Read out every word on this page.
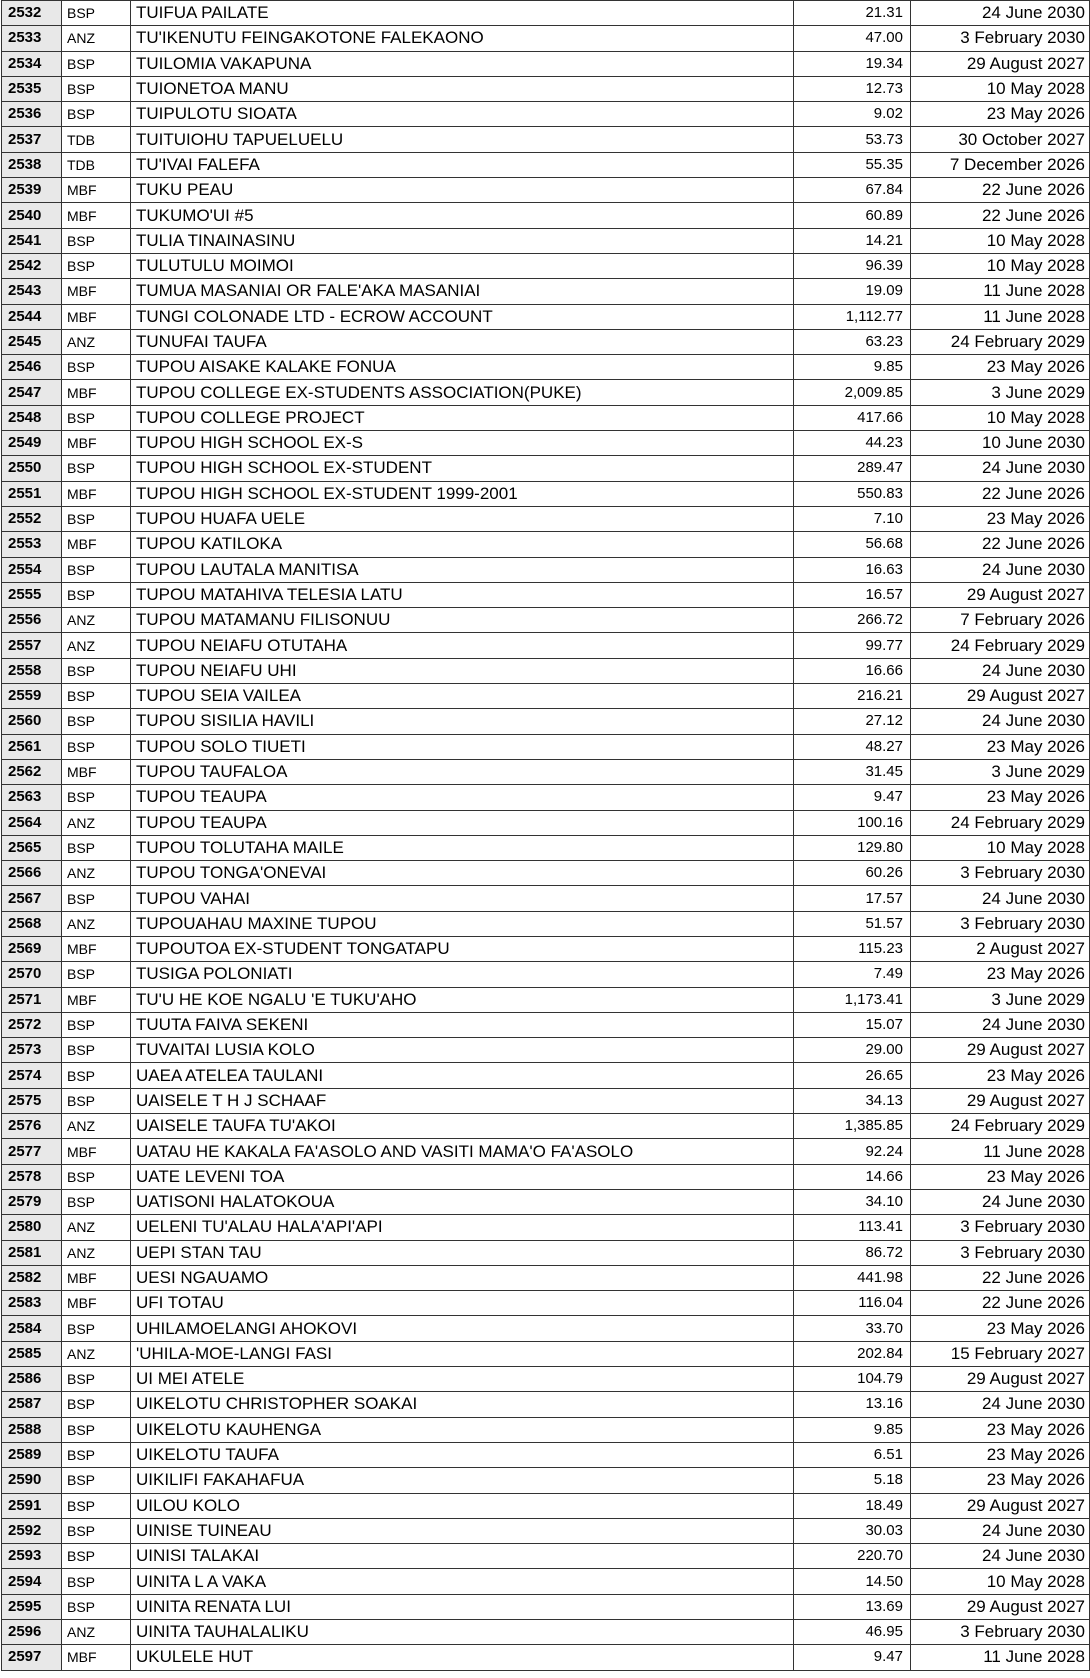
2532	BSP	TUIFUA PAILATE	21.31	24 June 2030
2533	ANZ	TU'IKENUTU FEINGAKOTONE FALEKAONO	47.00	3 February 2030
2534	BSP	TUILOMIA VAKAPUNA	19.34	29 August 2027
2535	BSP	TUIONETOA MANU	12.73	10 May 2028
2536	BSP	TUIPULOTU SIOATA	9.02	23 May 2026
2537	TDB	TUITUIOHU TAPUELUELU	53.73	30 October 2027
2538	TDB	TU'IVAI FALEFA	55.35	7 December 2026
2539	MBF	TUKU PEAU	67.84	22 June 2026
2540	MBF	TUKUMO'UI #5	60.89	22 June 2026
2541	BSP	TULIA TINAINASINU	14.21	10 May 2028
2542	BSP	TULUTULU MOIMOI	96.39	10 May 2028
2543	MBF	TUMUA MASANIAI OR FALE'AKA MASANIAI	19.09	11 June 2028
2544	MBF	TUNGI COLONADE LTD - ECROW ACCOUNT	1,112.77	11 June 2028
2545	ANZ	TUNUFAI TAUFA	63.23	24 February 2029
2546	BSP	TUPOU AISAKE KALAKE FONUA	9.85	23 May 2026
2547	MBF	TUPOU COLLEGE EX-STUDENTS ASSOCIATION(PUKE)	2,009.85	3 June 2029
2548	BSP	TUPOU COLLEGE PROJECT	417.66	10 May 2028
2549	MBF	TUPOU HIGH SCHOOL EX-S	44.23	10 June 2030
2550	BSP	TUPOU HIGH SCHOOL EX-STUDENT	289.47	24 June 2030
2551	MBF	TUPOU HIGH SCHOOL EX-STUDENT 1999-2001	550.83	22 June 2026
2552	BSP	TUPOU HUAFA UELE	7.10	23 May 2026
2553	MBF	TUPOU KATILOKA	56.68	22 June 2026
2554	BSP	TUPOU LAUTALA MANITISA	16.63	24 June 2030
2555	BSP	TUPOU MATAHIVA TELESIA LATU	16.57	29 August 2027
2556	ANZ	TUPOU MATAMANU FILISONUU	266.72	7 February 2026
2557	ANZ	TUPOU NEIAFU OTUTAHA	99.77	24 February 2029
2558	BSP	TUPOU NEIAFU UHI	16.66	24 June 2030
2559	BSP	TUPOU SEIA VAILEA	216.21	29 August 2027
2560	BSP	TUPOU SISILIA HAVILI	27.12	24 June 2030
2561	BSP	TUPOU SOLO TIUETI	48.27	23 May 2026
2562	MBF	TUPOU TAUFALOA	31.45	3 June 2029
2563	BSP	TUPOU TEAUPA	9.47	23 May 2026
2564	ANZ	TUPOU TEAUPA	100.16	24 February 2029
2565	BSP	TUPOU TOLUTAHA MAILE	129.80	10 May 2028
2566	ANZ	TUPOU TONGA'ONEVAI	60.26	3 February 2030
2567	BSP	TUPOU VAHAI	17.57	24 June 2030
2568	ANZ	TUPOUAHAU MAXINE TUPOU	51.57	3 February 2030
2569	MBF	TUPOUTOA EX-STUDENT TONGATAPU	115.23	2 August 2027
2570	BSP	TUSIGA POLONIATI	7.49	23 May 2026
2571	MBF	TU'U HE KOE NGALU 'E TUKU'AHO	1,173.41	3 June 2029
2572	BSP	TUUTA FAIVA SEKENI	15.07	24 June 2030
2573	BSP	TUVAITAI LUSIA KOLO	29.00	29 August 2027
2574	BSP	UAEA ATELEA TAULANI	26.65	23 May 2026
2575	BSP	UAISELE T H J SCHAAF	34.13	29 August 2027
2576	ANZ	UAISELE TAUFA TU'AKOI	1,385.85	24 February 2029
2577	MBF	UATAU HE KAKALA FA'ASOLO AND VASITI MAMA'O FA'ASOLO	92.24	11 June 2028
2578	BSP	UATE LEVENI TOA	14.66	23 May 2026
2579	BSP	UATISONI HALATOKOUA	34.10	24 June 2030
2580	ANZ	UELENI TU'ALAU HALA'API'API	113.41	3 February 2030
2581	ANZ	UEPI STAN TAU	86.72	3 February 2030
2582	MBF	UESI NGAUAMO	441.98	22 June 2026
2583	MBF	UFI TOTAU	116.04	22 June 2026
2584	BSP	UHILAMOELANGI AHOKOVI	33.70	23 May 2026
2585	ANZ	'UHILA-MOE-LANGI FASI	202.84	15 February 2027
2586	BSP	UI MEI ATELE	104.79	29 August 2027
2587	BSP	UIKELOTU CHRISTOPHER SOAKAI	13.16	24 June 2030
2588	BSP	UIKELOTU KAUHENGA	9.85	23 May 2026
2589	BSP	UIKELOTU TAUFA	6.51	23 May 2026
2590	BSP	UIKILIFI FAKAHAFUA	5.18	23 May 2026
2591	BSP	UILOU KOLO	18.49	29 August 2027
2592	BSP	UINISE TUINEAU	30.03	24 June 2030
2593	BSP	UINISI TALAKAI	220.70	24 June 2030
2594	BSP	UINITA L A VAKA	14.50	10 May 2028
2595	BSP	UINITA RENATA LUI	13.69	29 August 2027
2596	ANZ	UINITA TAUHALALIKU	46.95	3 February 2030
2597	MBF	UKULELE HUT	9.47	11 June 2028
